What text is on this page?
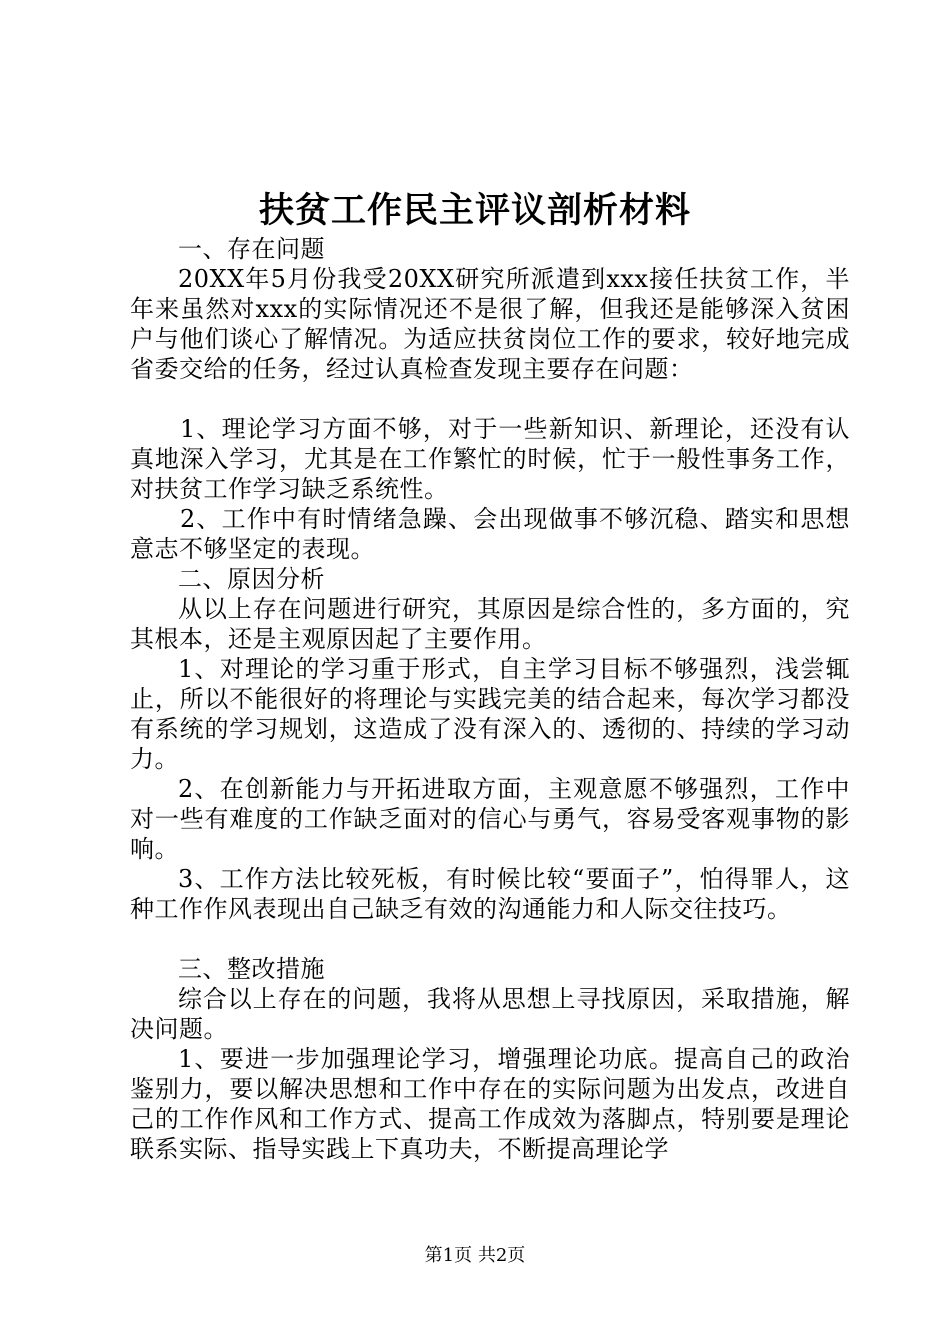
扶贫工作民主评议剖析材料

一、存在问题

20XX年5月份我受20XX研究所派遣到xxx接任扶贫工作，半年来虽然对xxx的实际情况还不是很了解，但我还是能够深入贫困户与他们谈心了解情况。为适应扶贫岗位工作的要求，较好地完成省委交给的任务，经过认真检查发现主要存在问题：

1、理论学习方面不够，对于一些新知识、新理论，还没有认真地深入学习，尤其是在工作繁忙的时候，忙于一般性事务工作，对扶贫工作学习缺乏系统性。

2、工作中有时情绪急躁、会出现做事不够沉稳、踏实和思想意志不够坚定的表现。

二、原因分析

从以上存在问题进行研究，其原因是综合性的，多方面的，究其根本，还是主观原因起了主要作用。

1、对理论的学习重于形式，自主学习目标不够强烈，浅尝辄止，所以不能很好的将理论与实践完美的结合起来，每次学习都没有系统的学习规划，这造成了没有深入的、透彻的、持续的学习动力。

2、在创新能力与开拓进取方面，主观意愿不够强烈，工作中对一些有难度的工作缺乏面对的信心与勇气，容易受客观事物的影响。

3、工作方法比较死板，有时候比较“要面子”，怕得罪人，这种工作作风表现出自己缺乏有效的沟通能力和人际交往技巧。

三、整改措施

综合以上存在的问题，我将从思想上寻找原因，采取措施，解决问题。

1、要进一步加强理论学习，增强理论功底。提高自己的政治鉴别力，要以解决思想和工作中存在的实际问题为出发点，改进自己的工作作风和工作方式、提高工作成效为落脚点，特别要是理论联系实际、指导实践上下真功夫，不断提高理论学

第1页 共2页
